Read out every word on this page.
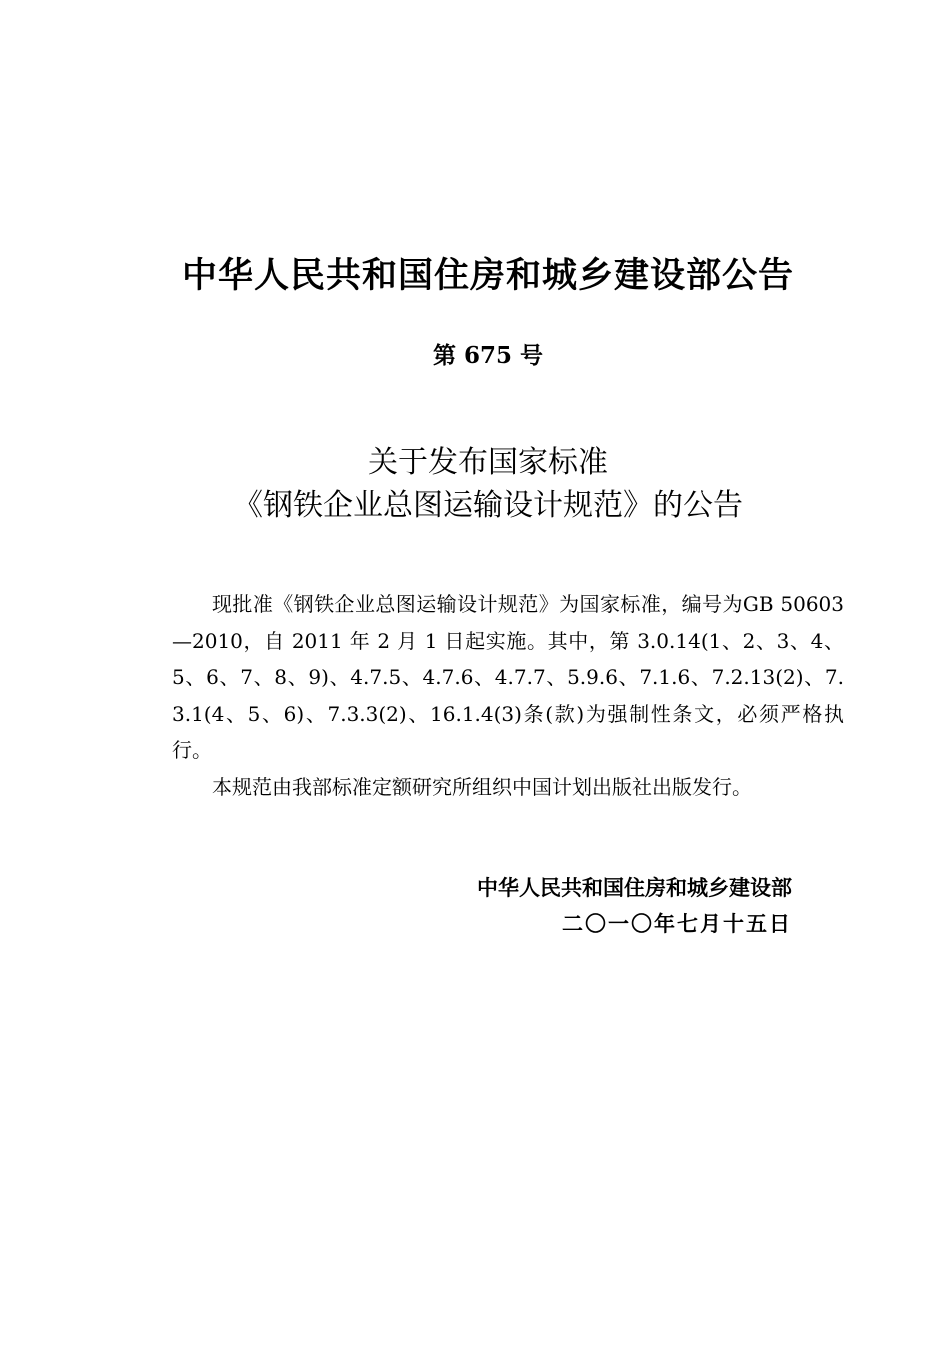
中华人民共和国住房和城乡建设部公告
第 675 号
关于发布国家标准
《钢铁企业总图运输设计规范》的公告

现批准《钢铁企业总图运输设计规范》为国家标准，编号为GB 50603—2010，自 2011 年 2 月 1 日起实施。其中，第 3.0.14(1、2、3、4、5、6、7、8、9)、4.7.5、4.7.6、4.7.7、5.9.6、7.1.6、7.2.13(2)、7.3.1(4、5、6)、7.3.3(2)、16.1.4(3)条(款)为强制性条文，必须严格执行。

本规范由我部标准定额研究所组织中国计划出版社出版发行。

中华人民共和国住房和城乡建设部
二〇一〇年七月十五日
